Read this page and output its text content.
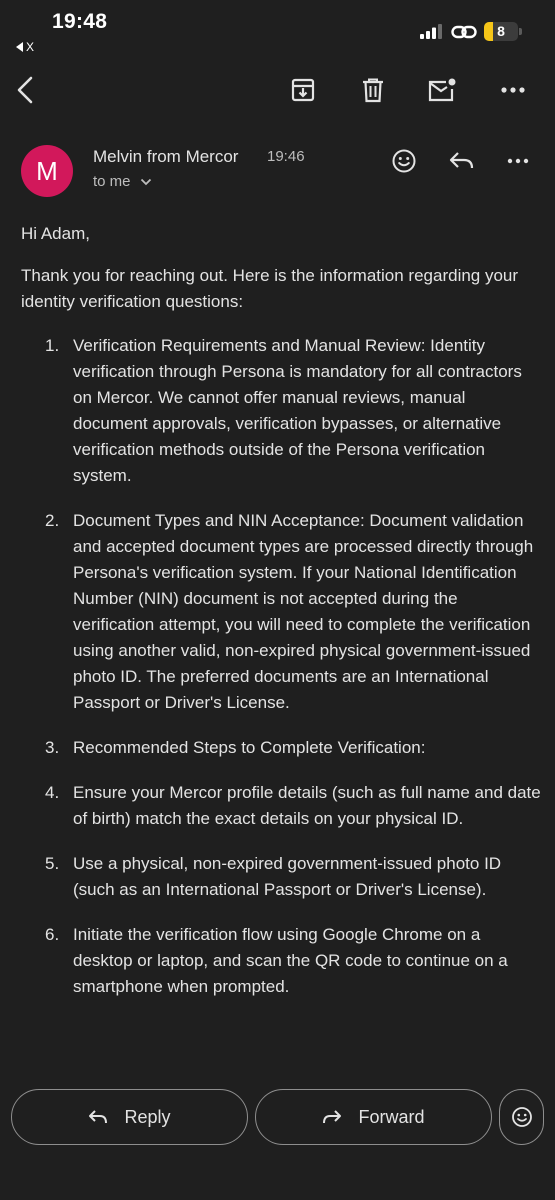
19:48
X
8
M	Melvin from Mercor 19:46
to me
Hi Adam,
Thank you for reaching out. Here is the information regarding your identity verification questions:
1. Verification Requirements and Manual Review: Identity verification through Persona is mandatory for all contractors on Mercor. We cannot offer manual reviews, manual document approvals, verification bypasses, or alternative verification methods outside of the Persona verification system.
2. Document Types and NIN Acceptance: Document validation and accepted document types are processed directly through Persona's verification system. If your National Identification Number (NIN) document is not accepted during the verification attempt, you will need to complete the verification using another valid, non-expired physical government-issued photo ID. The preferred documents are an International Passport or Driver's License.
3. Recommended Steps to Complete Verification:
4. Ensure your Mercor profile details (such as full name and date of birth) match the exact details on your physical ID.
5. Use a physical, non-expired government-issued photo ID (such as an International Passport or Driver's License).
6. Initiate the verification flow using Google Chrome on a desktop or laptop, and scan the QR code to continue on a smartphone when prompted.
Reply	Forward
